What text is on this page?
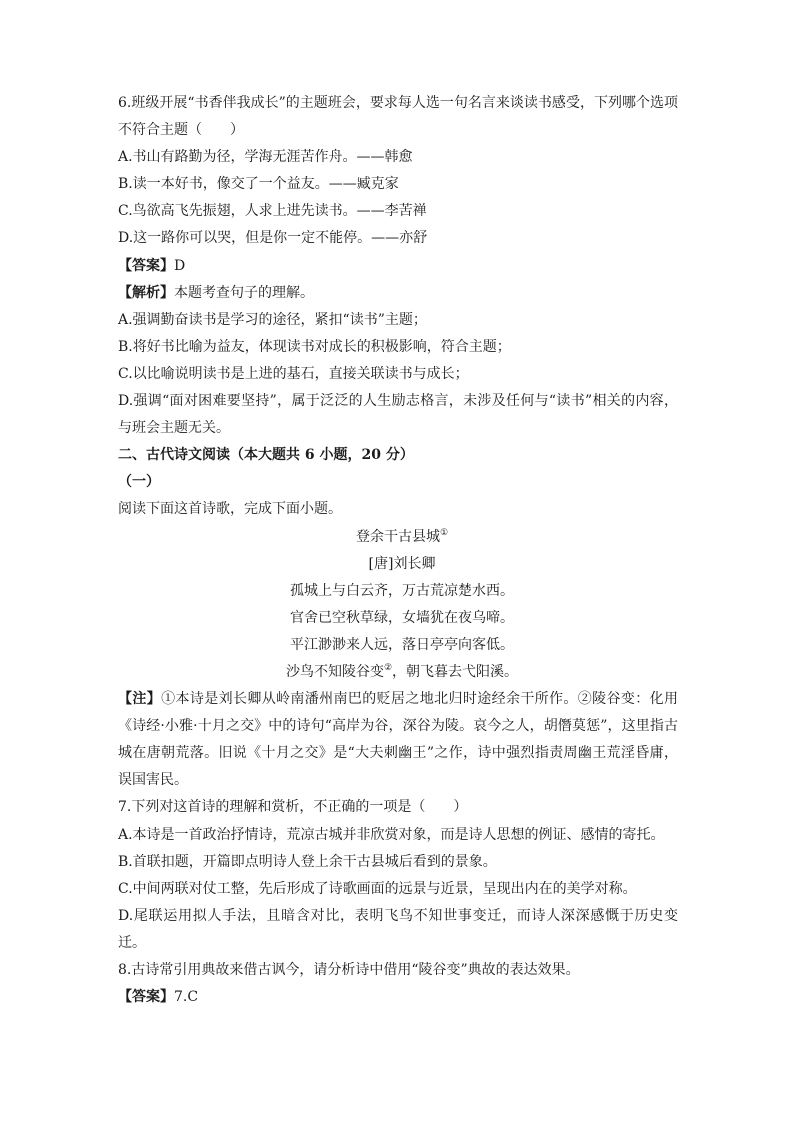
6.班级开展“书香伴我成长”的主题班会，要求每人选一句名言来谈读书感受，下列哪个选项不符合主题（　　）
A.书山有路勤为径，学海无涯苦作舟。——韩愈
B.读一本好书，像交了一个益友。——臧克家
C.鸟欲高飞先振翅，人求上进先读书。——李苦禅
D.这一路你可以哭，但是你一定不能停。——亦舒
【答案】D
【解析】本题考查句子的理解。
A.强调勤奋读书是学习的途径，紧扣“读书”主题；
B.将好书比喻为益友，体现读书对成长的积极影响，符合主题；
C.以比喻说明读书是上进的基石，直接关联读书与成长；
D.强调“面对困难要坚持”，属于泛泛的人生励志格言，未涉及任何与“读书”相关的内容，与班会主题无关。
二、古代诗文阅读（本大题共 6 小题，20 分）
（一）
阅读下面这首诗歌，完成下面小题。
登余干古县城①
[唐]刘长卿
孤城上与白云齐，万古荒凉楚水西。
官舍已空秋草绿，女墙犹在夜乌啼。
平江渺渺来人远，落日亭亭向客低。
沙鸟不知陵谷变②，朝飞暮去弋阳溪。
【注】①本诗是刘长卿从岭南潘州南巴的贬居之地北归时途经余干所作。②陵谷变：化用《诗经·小雅·十月之交》中的诗句“高岸为谷，深谷为陵。哀今之人，胡僭莫惩”，这里指古城在唐朝荒落。旧说《十月之交》是“大夫刺幽王”之作，诗中强烈指责周幽王荒淫昏庸，误国害民。
7.下列对这首诗的理解和赏析，不正确的一项是（　　）
A.本诗是一首政治抒情诗，荒凉古城并非欣赏对象，而是诗人思想的例证、感情的寄托。
B.首联扣题，开篇即点明诗人登上余干古县城后看到的景象。
C.中间两联对仗工整，先后形成了诗歌画面的远景与近景，呈现出内在的美学对称。
D.尾联运用拟人手法，且暗含对比，表明飞鸟不知世事变迁，而诗人深深感慨于历史变迁。
8.古诗常引用典故来借古讽今，请分析诗中借用“陵谷变”典故的表达效果。
【答案】7.C
